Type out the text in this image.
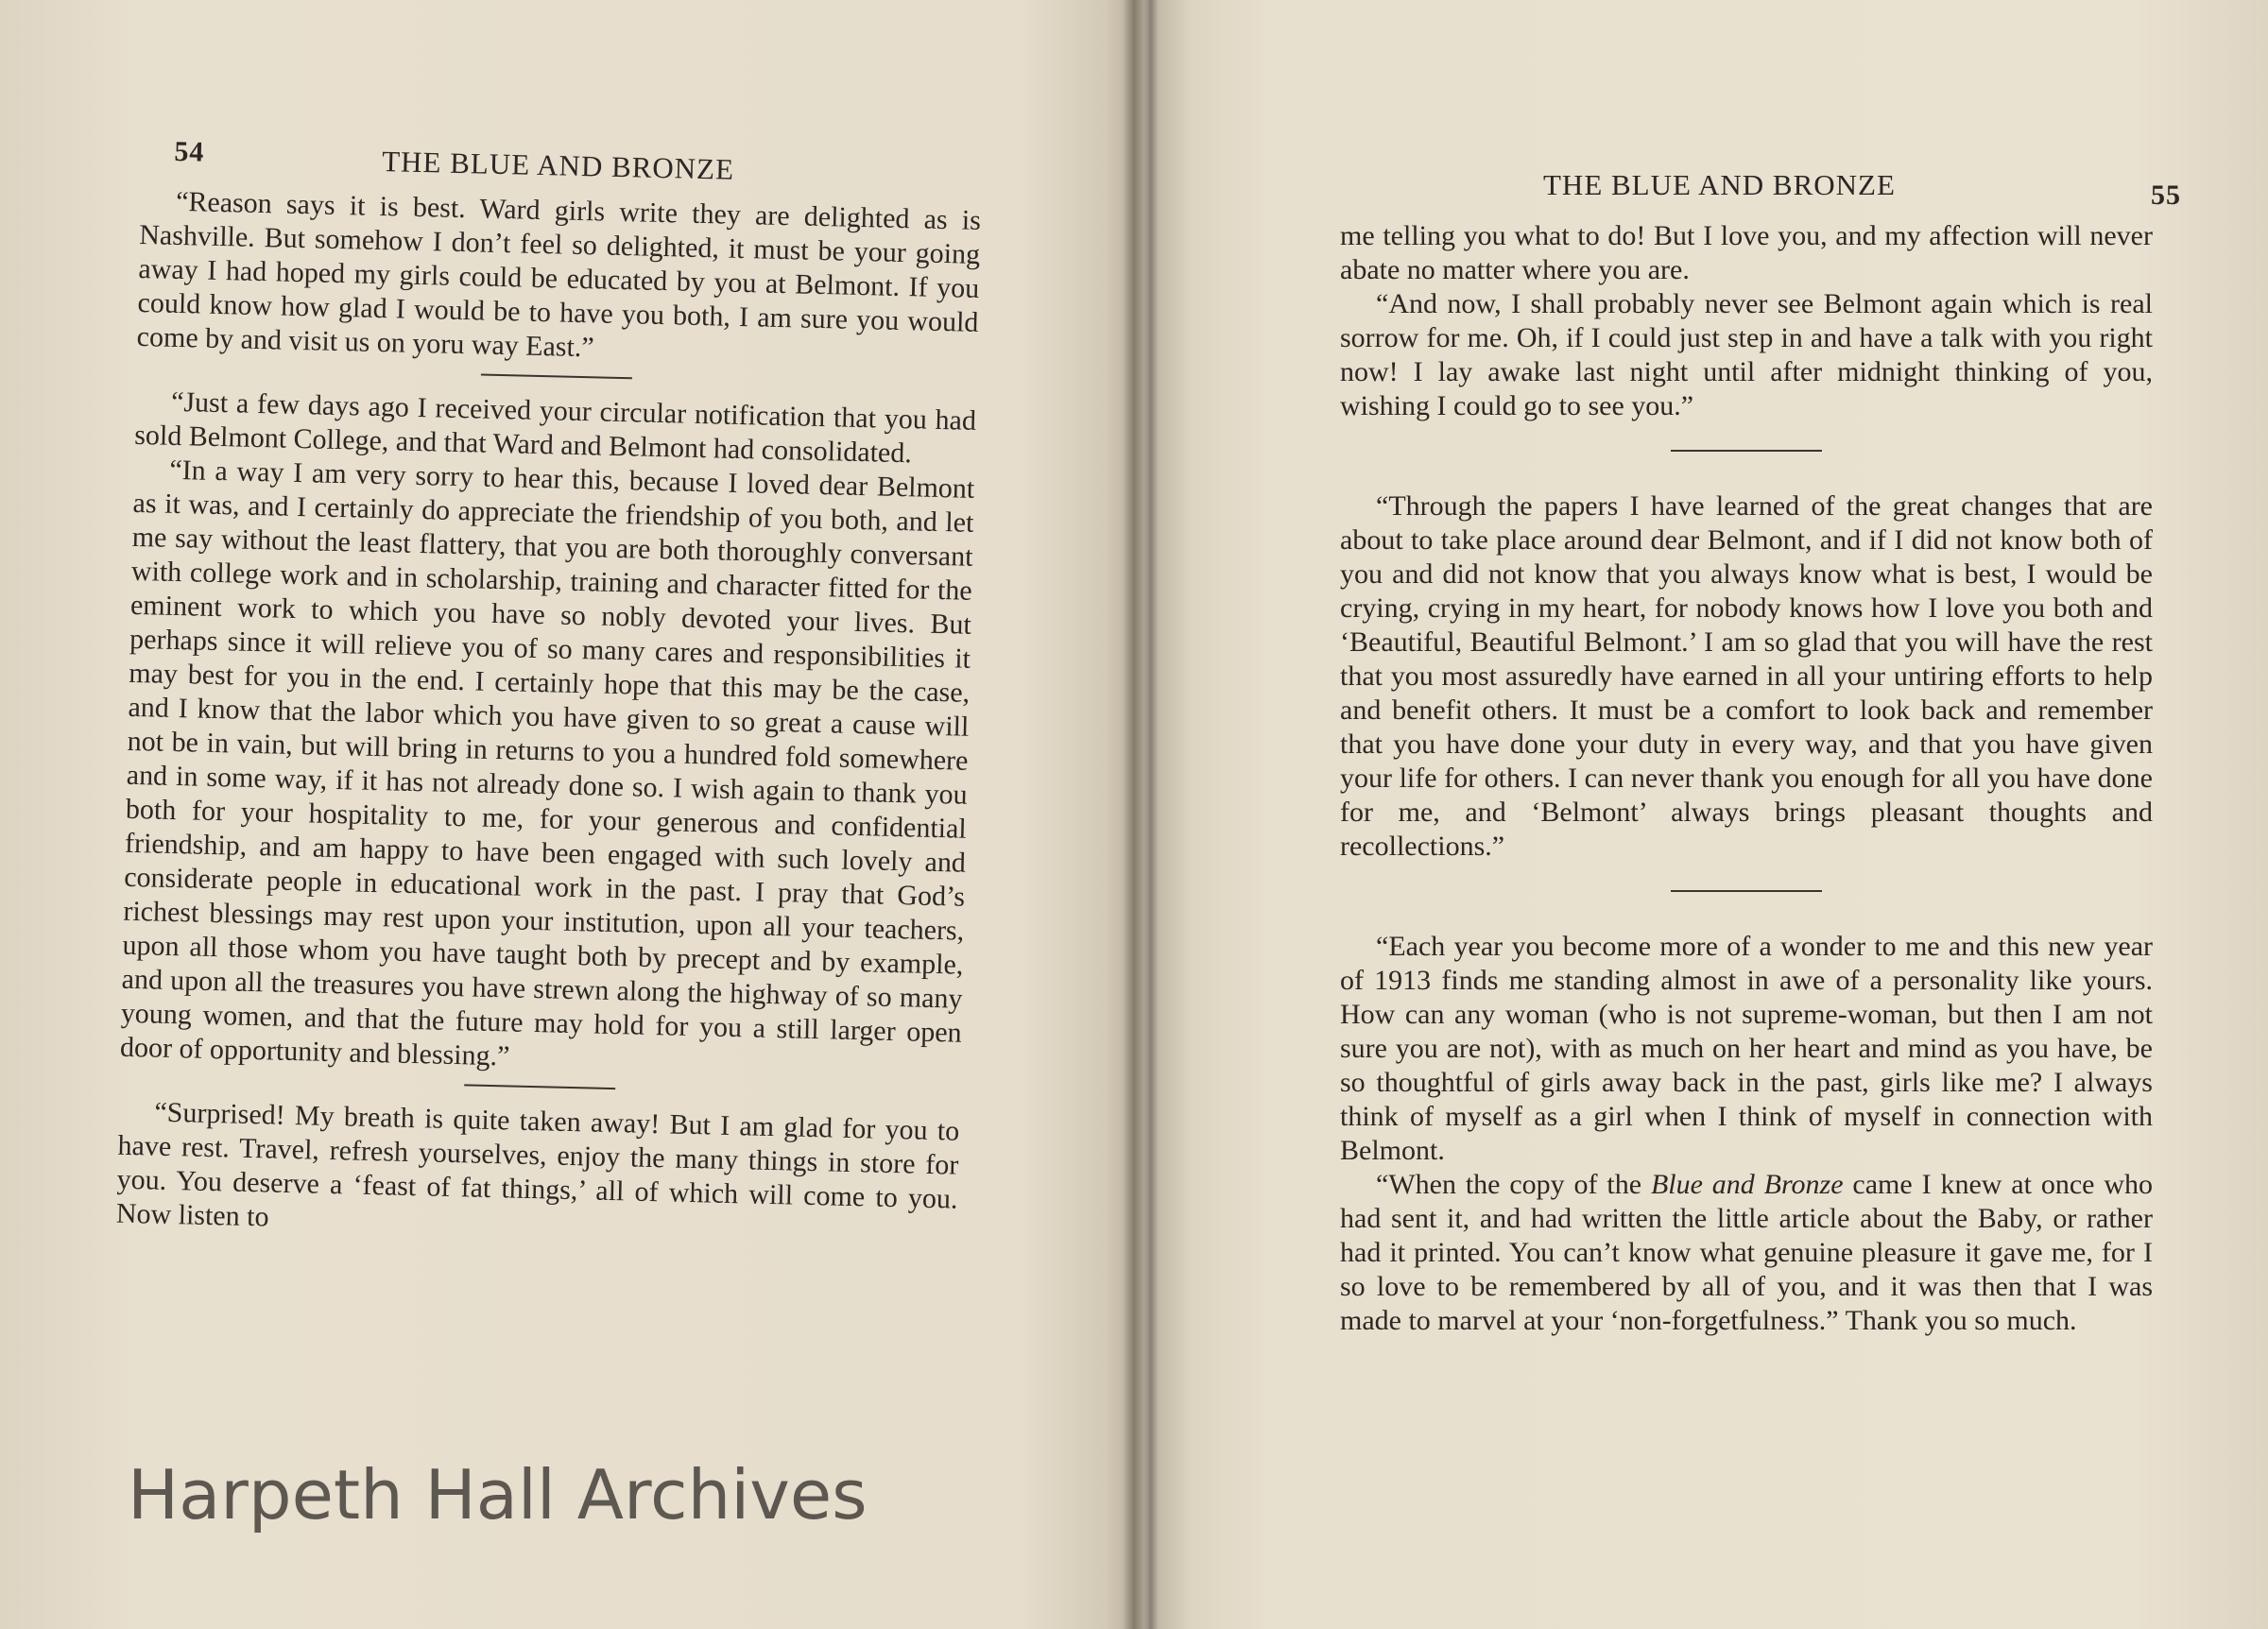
54	THE BLUE AND BRONZE

“Reason says it is best. Ward girls write they are delighted as is Nashville. But somehow I don’t feel so delighted, it must be your going away I had hoped my girls could be educated by you at Belmont. If you could know how glad I would be to have you both, I am sure you would come by and visit us on yoru way East.”

“Just a few days ago I received your circular notification that you had sold Belmont College, and that Ward and Belmont had consolidated.

“In a way I am very sorry to hear this, because I loved dear Belmont as it was, and I certainly do appreciate the friendship of you both, and let me say without the least flattery, that you are both thoroughly conversant with college work and in scholarship, training and character fitted for the eminent work to which you have so nobly devoted your lives. But perhaps since it will relieve you of so many cares and responsibilities it may best for you in the end. I certainly hope that this may be the case, and I know that the labor which you have given to so great a cause will not be in vain, but will bring in returns to you a hundred fold somewhere and in some way, if it has not already done so. I wish again to thank you both for your hospitality to me, for your generous and confidential friendship, and am happy to have been engaged with such lovely and considerate people in educational work in the past. I pray that God’s richest blessings may rest upon your institution, upon all your teachers, upon all those whom you have taught both by precept and by example, and upon all the treasures you have strewn along the highway of so many young women, and that the future may hold for you a still larger open door of opportunity and blessing.”

“Surprised! My breath is quite taken away! But I am glad for you to have rest. Travel, refresh yourselves, enjoy the many things in store for you. You deserve a ‘feast of fat things,’ all of which will come to you. Now listen to

Harpeth Hall Archives
THE BLUE AND BRONZE	55

me telling you what to do! But I love you, and my affection will never abate no matter where you are.

“And now, I shall probably never see Belmont again which is real sorrow for me. Oh, if I could just step in and have a talk with you right now! I lay awake last night until after midnight thinking of you, wishing I could go to see you.”

“Through the papers I have learned of the great changes that are about to take place around dear Belmont, and if I did not know both of you and did not know that you always know what is best, I would be crying, crying in my heart, for nobody knows how I love you both and ‘Beautiful, Beautiful Belmont.’ I am so glad that you will have the rest that you most assuredly have earned in all your untiring efforts to help and benefit others. It must be a comfort to look back and remember that you have done your duty in every way, and that you have given your life for others. I can never thank you enough for all you have done for me, and ‘Belmont’ always brings pleasant thoughts and recollections.”

“Each year you become more of a wonder to me and this new year of 1913 finds me standing almost in awe of a personality like yours. How can any woman (who is not supreme-woman, but then I am not sure you are not), with as much on her heart and mind as you have, be so thoughtful of girls away back in the past, girls like me? I always think of myself as a girl when I think of myself in connection with Belmont.

“When the copy of the Blue and Bronze came I knew at once who had sent it, and had written the little article about the Baby, or rather had it printed. You can’t know what genuine pleasure it gave me, for I so love to be remembered by all of you, and it was then that I was made to marvel at your ‘non-forgetfulness.” Thank you so much.
